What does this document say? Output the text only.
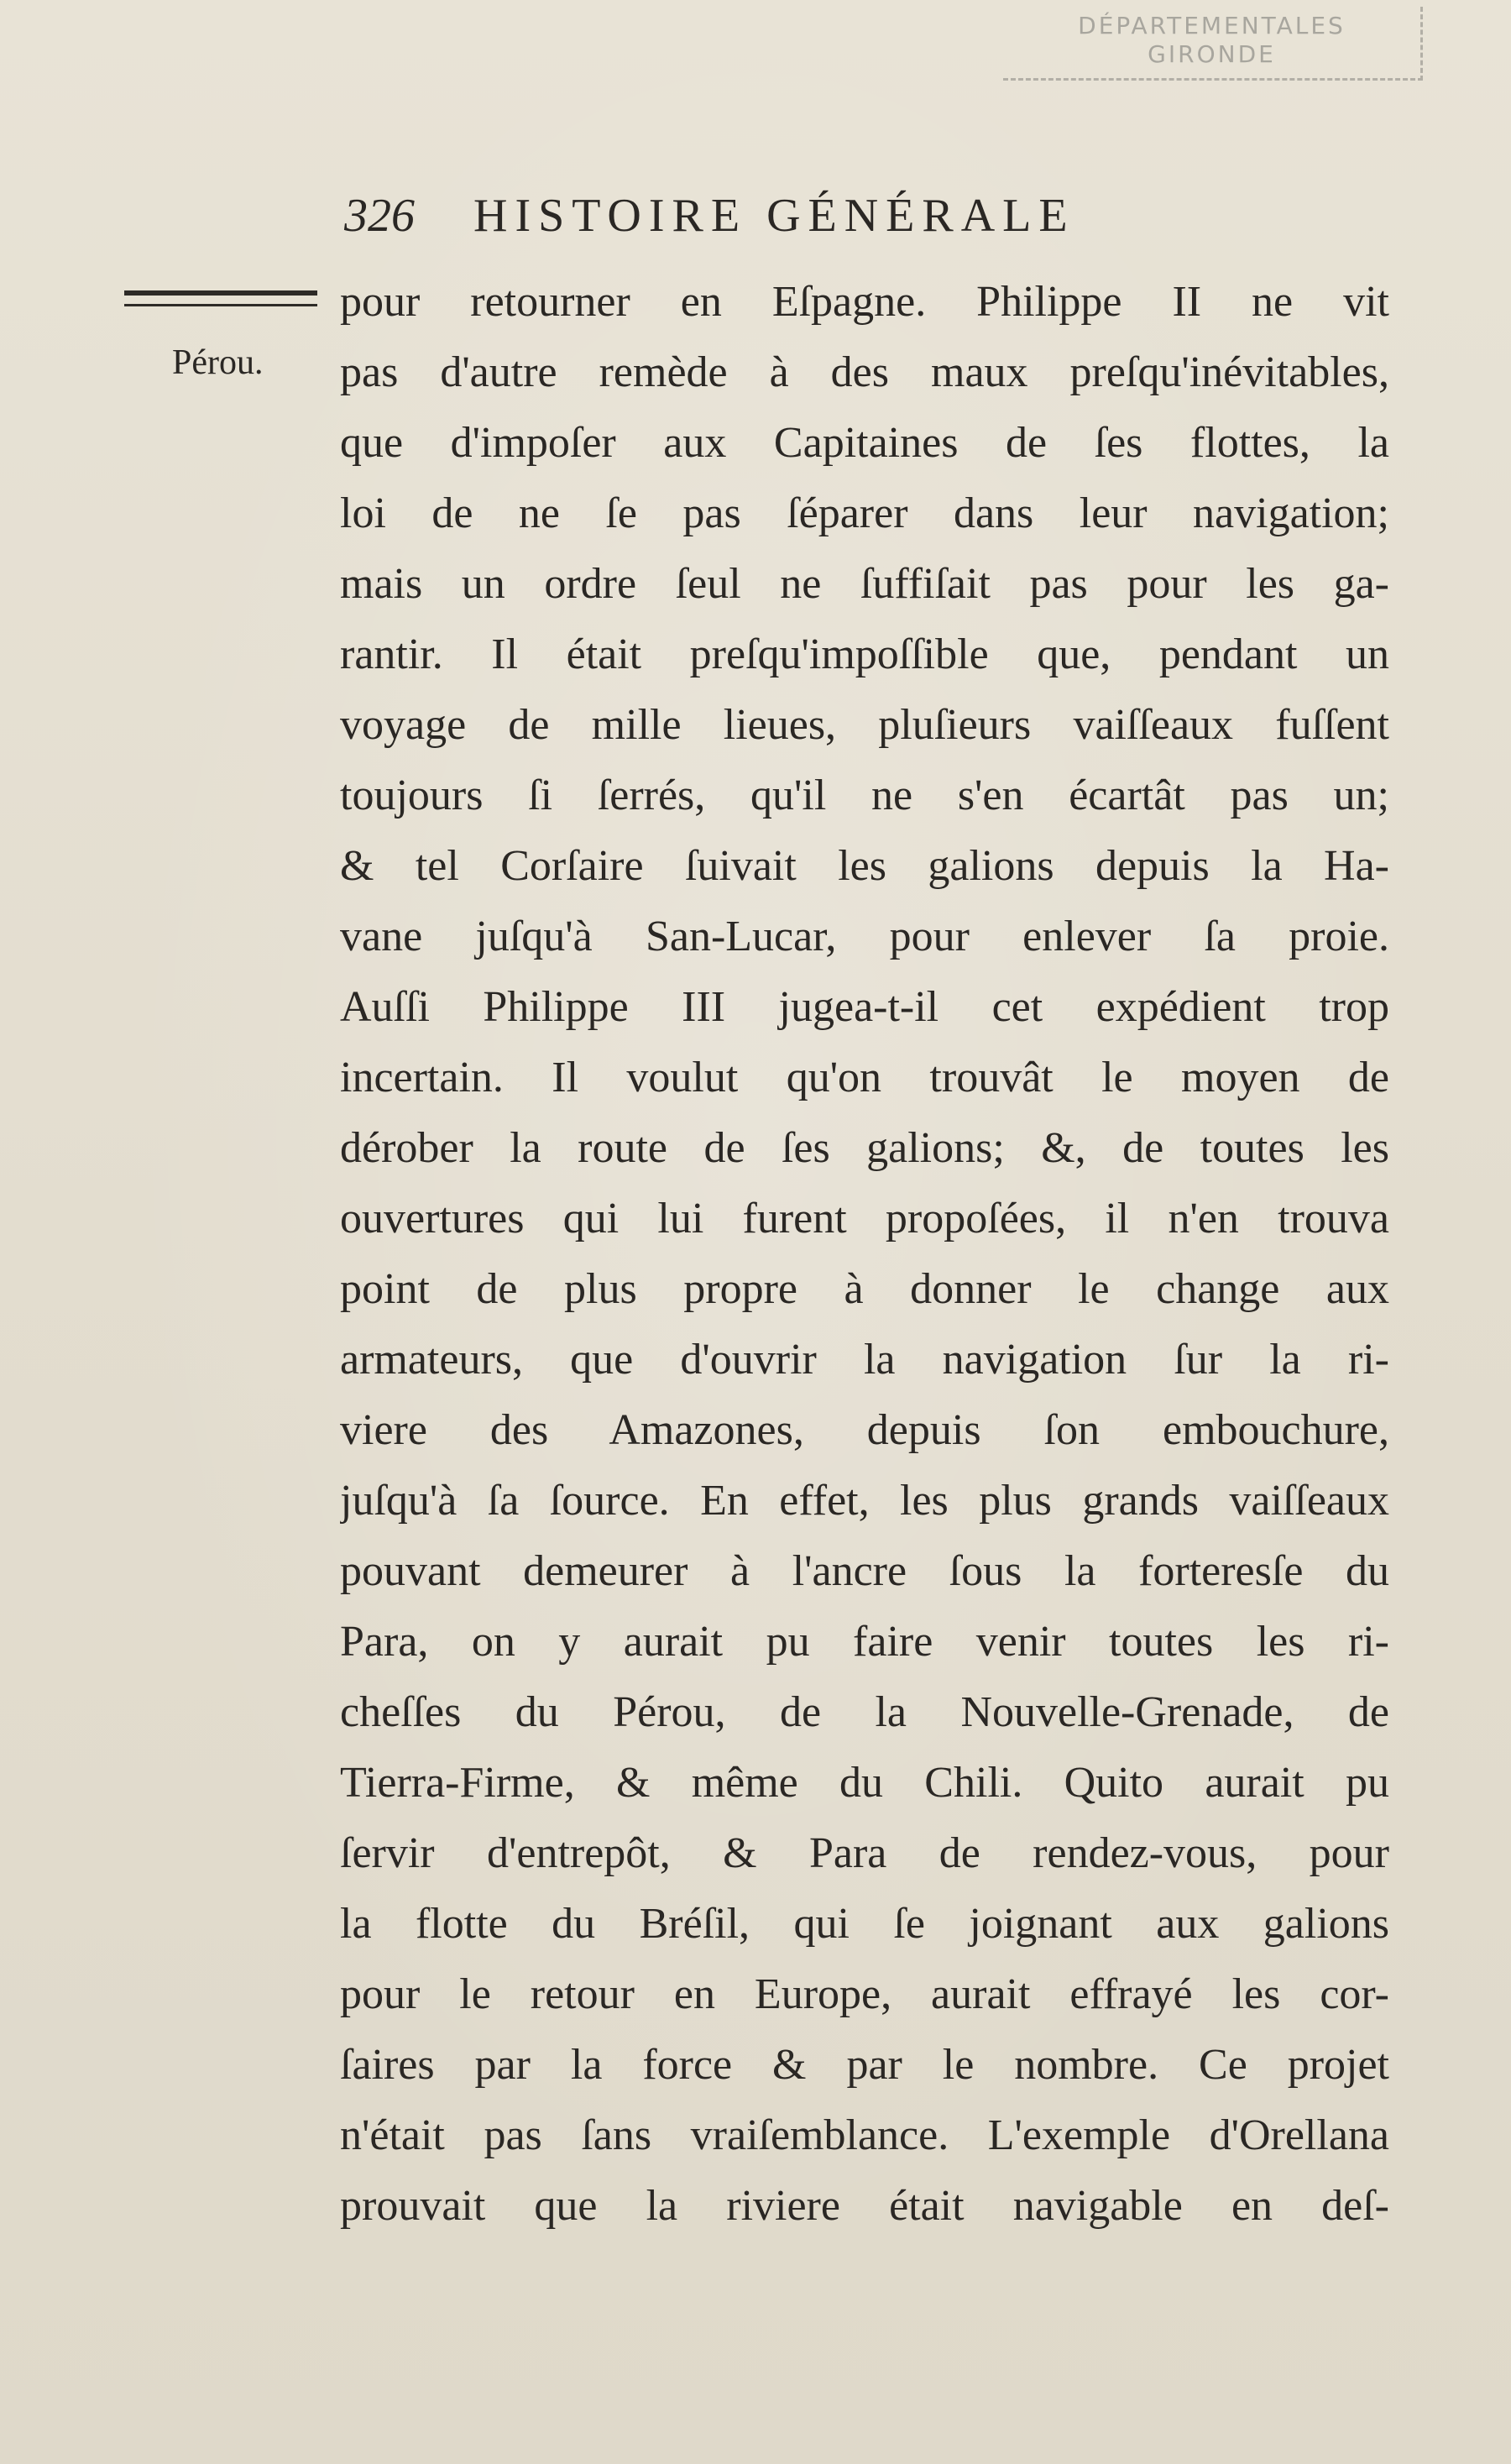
DÉPARTEMENTALES
GIRONDE
326 HISTOIRE GÉNÉRALE
Pérou.
pour retourner en Eſpagne. Philippe II ne vit
pas d'autre remède à des maux preſqu'inévitables,
que d'impoſer aux Capitaines de ſes flottes, la
loi de ne ſe pas ſéparer dans leur navigation;
mais un ordre ſeul ne ſuffiſait pas pour les ga-
rantir. Il était preſqu'impoſſible que, pendant un
voyage de mille lieues, pluſieurs vaiſſeaux fuſſent
toujours ſi ſerrés, qu'il ne s'en écartât pas un;
& tel Corſaire ſuivait les galions depuis la Ha-
vane juſqu'à San-Lucar, pour enlever ſa proie.
Auſſi Philippe III jugea-t-il cet expédient trop
incertain. Il voulut qu'on trouvât le moyen de
dérober la route de ſes galions; &, de toutes les
ouvertures qui lui furent propoſées, il n'en trouva
point de plus propre à donner le change aux
armateurs, que d'ouvrir la navigation ſur la ri-
viere des Amazones, depuis ſon embouchure,
juſqu'à ſa ſource. En effet, les plus grands vaiſſeaux
pouvant demeurer à l'ancre ſous la forteresſe du
Para, on y aurait pu faire venir toutes les ri-
cheſſes du Pérou, de la Nouvelle-Grenade, de
Tierra-Firme, & même du Chili. Quito aurait pu
ſervir d'entrepôt, & Para de rendez-vous, pour
la flotte du Bréſil, qui ſe joignant aux galions
pour le retour en Europe, aurait effrayé les cor-
ſaires par la force & par le nombre. Ce projet
n'était pas ſans vraiſemblance. L'exemple d'Orellana
prouvait que la riviere était navigable en deſ-
